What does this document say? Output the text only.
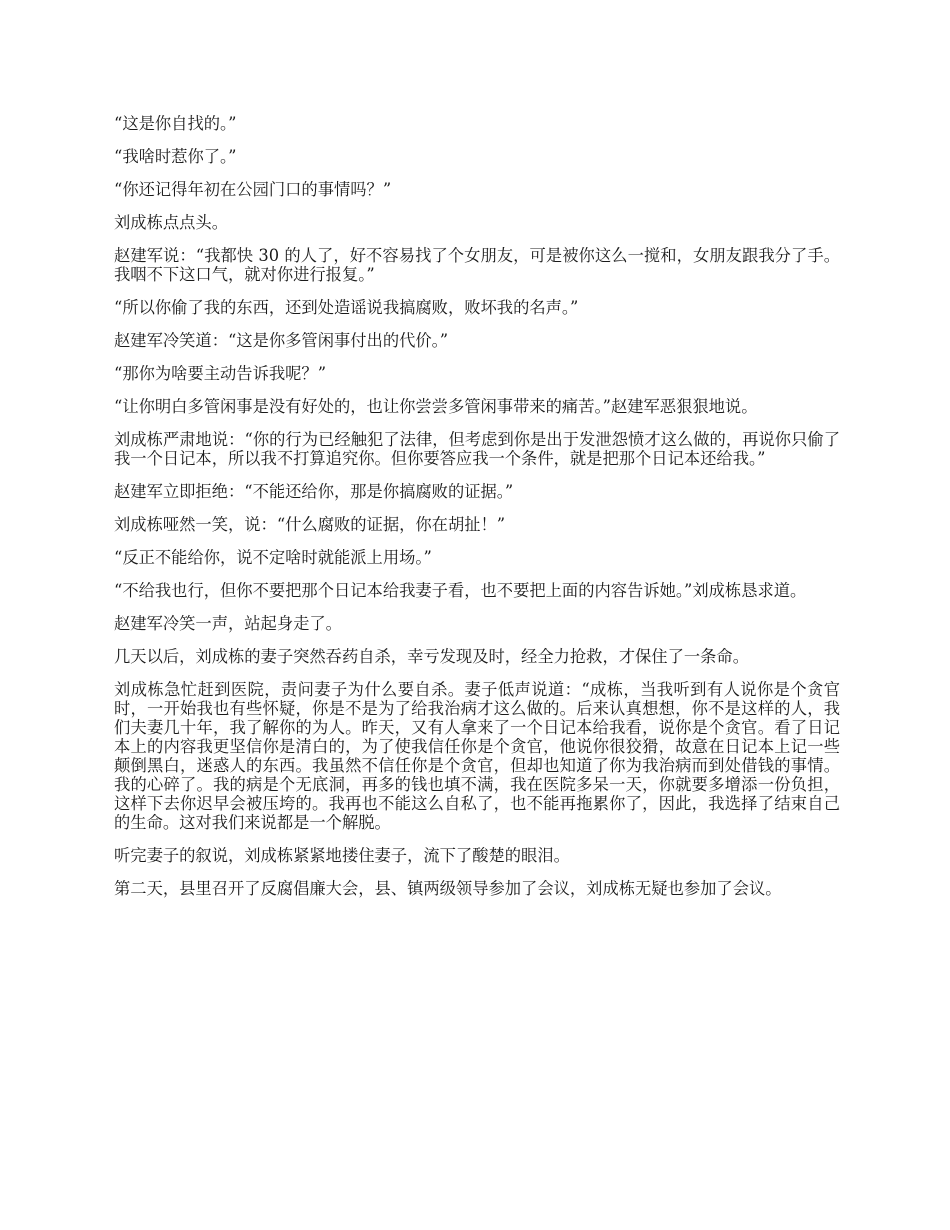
“这是你自找的。”

“我啥时惹你了。”

“你还记得年初在公园门口的事情吗？”

刘成栋点点头。

赵建军说：“我都快 30 的人了，好不容易找了个女朋友，可是被你这么一搅和，女朋友跟我分了手。我咽不下这口气，就对你进行报复。”

“所以你偷了我的东西，还到处造谣说我搞腐败，败坏我的名声。”

赵建军冷笑道：“这是你多管闲事付出的代价。”

“那你为啥要主动告诉我呢？”

“让你明白多管闲事是没有好处的，也让你尝尝多管闲事带来的痛苦。”赵建军恶狠狠地说。

刘成栋严肃地说：“你的行为已经触犯了法律，但考虑到你是出于发泄怨愤才这么做的，再说你只偷了我一个日记本，所以我不打算追究你。但你要答应我一个条件，就是把那个日记本还给我。”

赵建军立即拒绝：“不能还给你，那是你搞腐败的证据。”

刘成栋哑然一笑，说：“什么腐败的证据，你在胡扯！”

“反正不能给你，说不定啥时就能派上用场。”

“不给我也行，但你不要把那个日记本给我妻子看，也不要把上面的内容告诉她。”刘成栋恳求道。

赵建军冷笑一声，站起身走了。

几天以后，刘成栋的妻子突然吞药自杀，幸亏发现及时，经全力抢救，才保住了一条命。

刘成栋急忙赶到医院，责问妻子为什么要自杀。妻子低声说道：“成栋，当我听到有人说你是个贪官时，一开始我也有些怀疑，你是不是为了给我治病才这么做的。后来认真想想，你不是这样的人，我们夫妻几十年，我了解你的为人。昨天，又有人拿来了一个日记本给我看，说你是个贪官。看了日记本上的内容我更坚信你是清白的，为了使我信任你是个贪官，他说你很狡猾，故意在日记本上记一些颠倒黑白，迷惑人的东西。我虽然不信任你是个贪官，但却也知道了你为我治病而到处借钱的事情。我的心碎了。我的病是个无底洞，再多的钱也填不满，我在医院多呆一天，你就要多增添一份负担，这样下去你迟早会被压垮的。我再也不能这么自私了，也不能再拖累你了，因此，我选择了结束自己的生命。这对我们来说都是一个解脱。

听完妻子的叙说，刘成栋紧紧地搂住妻子，流下了酸楚的眼泪。

第二天，县里召开了反腐倡廉大会，县、镇两级领导参加了会议，刘成栋无疑也参加了会议。
